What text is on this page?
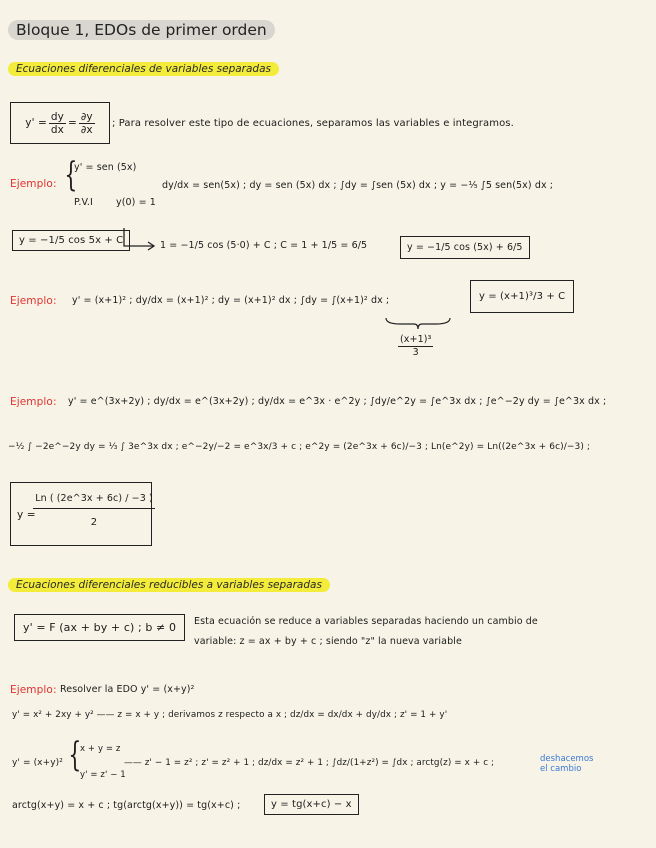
Bloque 1, EDOs de primer orden
Ecuaciones diferenciales de variables separadas
$y' = \frac{dy}{dx} = \frac{\partial y}{\partial x}$ ; Para resolver este tipo de ecuaciones, separamos las variables e integramos.
Ejemplo: {
y' = sen (5x)
P.V.I y(0) = 1
dy/dx = sen(5x) ; dy = sen (5x) dx ; ∫dy = ∫sen (5x) dx ; y = −⅕ ∫5 sen(5x) dx ;
y = −1/5 cos 5x + C	1 = −1/5 cos (5·0) + C ; C = 1 + 1/5 = 6/5	y = −1/5 cos (5x) + 6/5
Ejemplo: y' = (x+1)² ; dy/dx = (x+1)² ; dy = (x+1)² dx ; ∫dy = ∫(x+1)² dx ;
$\frac{\text{(x+1)³}}{3}$
y = (x+1)³/3 + C
Ejemplo: y' = e^(3x+2y) ; dy/dx = e^(3x+2y) ; dy/dx = e^3x · e^2y ; ∫dy/e^2y = ∫e^3x dx ; ∫e^−2y dy = ∫e^3x dx ;
−½ ∫ −2e^−2y dy = ⅓ ∫ 3e^3x dx ; e^−2y/−2 = e^3x/3 + c ; e^2y = (2e^3x + 6c)/−3 ; Ln(e^2y) = Ln((2e^3x + 6c)/−3) ;
y =
Ln ( (2e^3x + 6c) / −3 )
2
Ecuaciones diferenciales reducibles a variables separadas
y' = F (ax + by + c) ; b ≠ 0	Esta ecuación se reduce a variables separadas haciendo un cambio de
variable: z = ax + by + c ; siendo "z" la nueva variable
Ejemplo: Resolver la EDO y' = (x+y)²
y' = x² + 2xy + y² —— z = x + y ; derivamos z respecto a x ; dz/dx = dx/dx + dy/dx ; z' = 1 + y'
y' = (x+y)² {
x + y = z
y' = z' − 1
—— z' − 1 = z² ; z' = z² + 1 ; dz/dx = z² + 1 ; ∫dz/(1+z²) = ∫dx ; arctg(z) = x + c ;	deshacemos
el cambio
arctg(x+y) = x + c ; tg(arctg(x+y)) = tg(x+c) ;	y = tg(x+c) − x
